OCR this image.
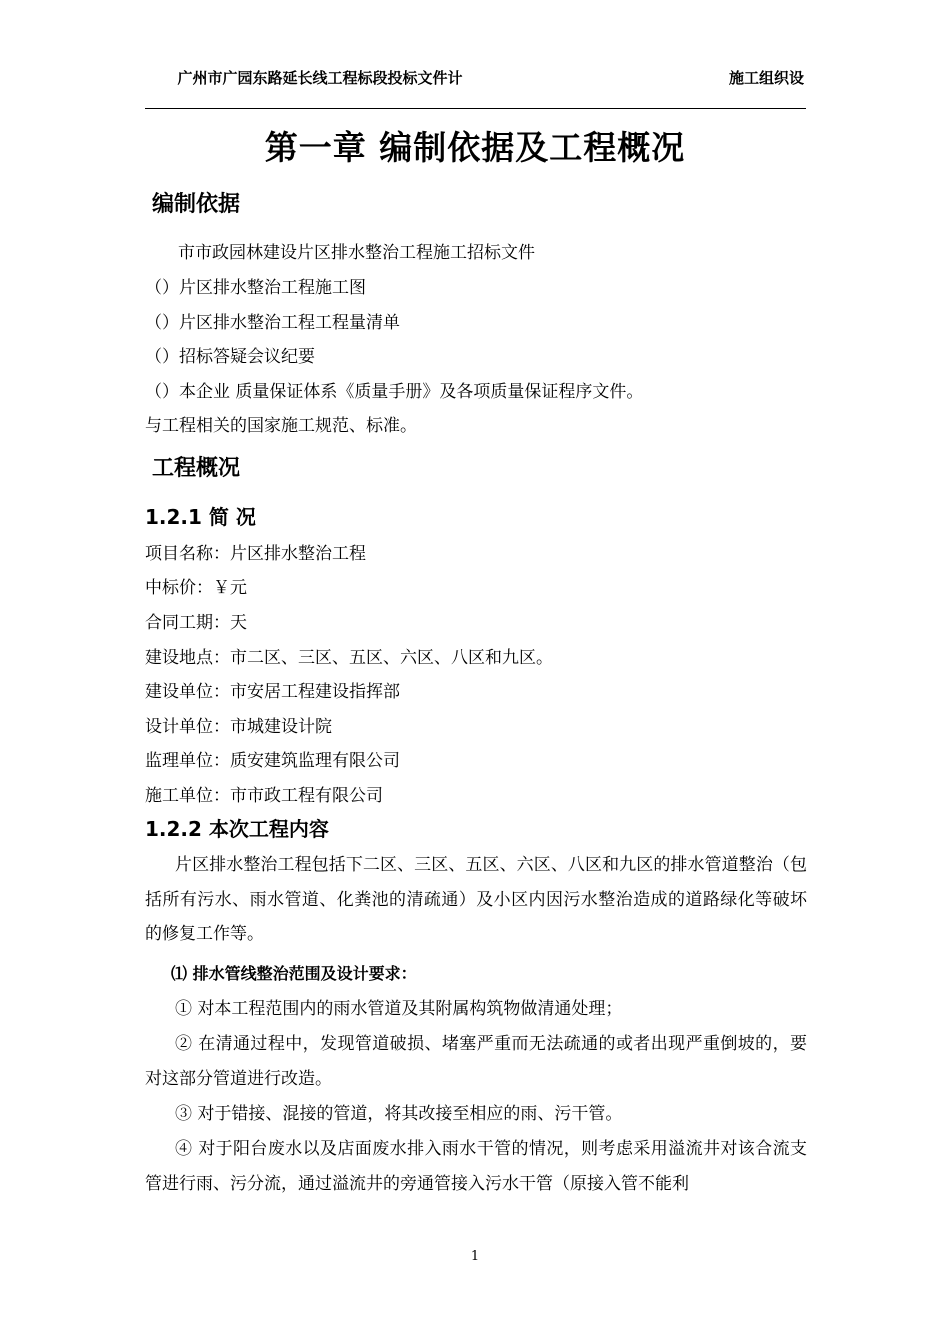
广州市广园东路延长线工程标段投标文件计	施工组织设
第一章 编制依据及工程概况
编制依据
市市政园林建设片区排水整治工程施工招标文件
（）片区排水整治工程施工图
（）片区排水整治工程工程量清单
（）招标答疑会议纪要
（）本企业 质量保证体系《质量手册》及各项质量保证程序文件。
与工程相关的国家施工规范、标准。
工程概况
1.2.1 简 况
项目名称：片区排水整治工程
中标价：￥元
合同工期：天
建设地点：市二区、三区、五区、六区、八区和九区。
建设单位：市安居工程建设指挥部
设计单位：市城建设计院
监理单位：质安建筑监理有限公司
施工单位：市市政工程有限公司
1.2.2 本次工程内容
片区排水整治工程包括下二区、三区、五区、六区、八区和九区的排水管道整治（包括所有污水、雨水管道、化粪池的清疏通）及小区内因污水整治造成的道路绿化等破坏的修复工作等。
⑴ 排水管线整治范围及设计要求：
① 对本工程范围内的雨水管道及其附属构筑物做清通处理；
② 在清通过程中，发现管道破损、堵塞严重而无法疏通的或者出现严重倒坡的，要对这部分管道进行改造。
③ 对于错接、混接的管道，将其改接至相应的雨、污干管。
④ 对于阳台废水以及店面废水排入雨水干管的情况，则考虑采用溢流井对该合流支管进行雨、污分流，通过溢流井的旁通管接入污水干管（原接入管不能利
1
